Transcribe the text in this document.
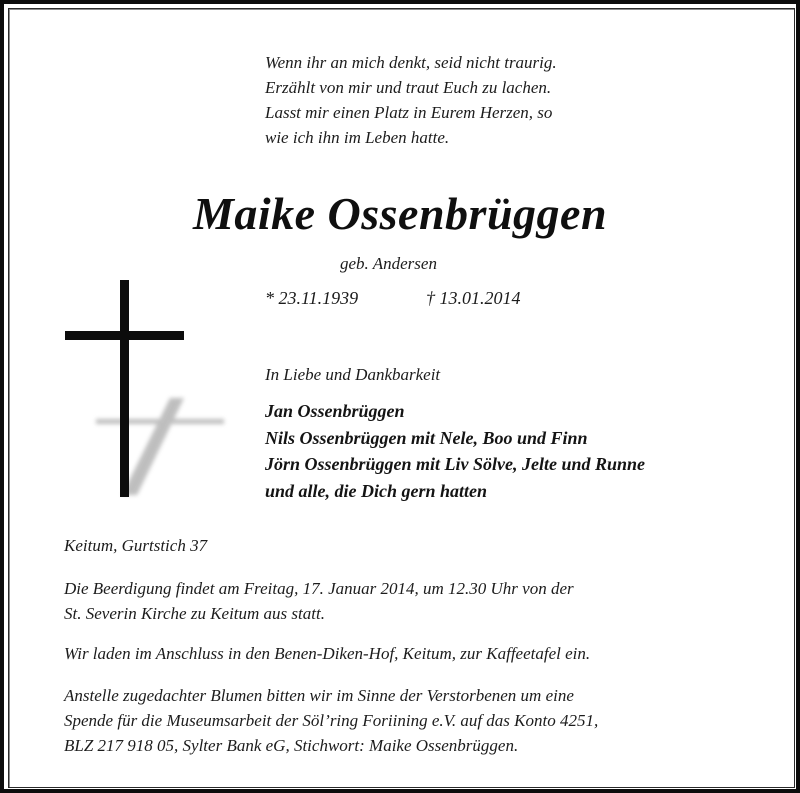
Wenn ihr an mich denkt, seid nicht traurig.
Erzählt von mir und traut Euch zu lachen.
Lasst mir einen Platz in Eurem Herzen, so
wie ich ihn im Leben hatte.
Maike Ossenbrüggen
geb. Andersen
* 23.11.1939	† 13.01.2014
In Liebe und Dankbarkeit
Jan Ossenbrüggen
Nils Ossenbrüggen mit Nele, Boo und Finn
Jörn Ossenbrüggen mit Liv Sölve, Jelte und Runne
und alle, die Dich gern hatten
Keitum, Gurtstich 37
Die Beerdigung findet am Freitag, 17. Januar 2014, um 12.30 Uhr von der
St. Severin Kirche zu Keitum aus statt.
Wir laden im Anschluss in den Benen-Diken-Hof, Keitum, zur Kaffeetafel ein.
Anstelle zugedachter Blumen bitten wir im Sinne der Verstorbenen um eine
Spende für die Museumsarbeit der Söl’ring Foriining e.V. auf das Konto 4251,
BLZ 217 918 05, Sylter Bank eG, Stichwort: Maike Ossenbrüggen.
